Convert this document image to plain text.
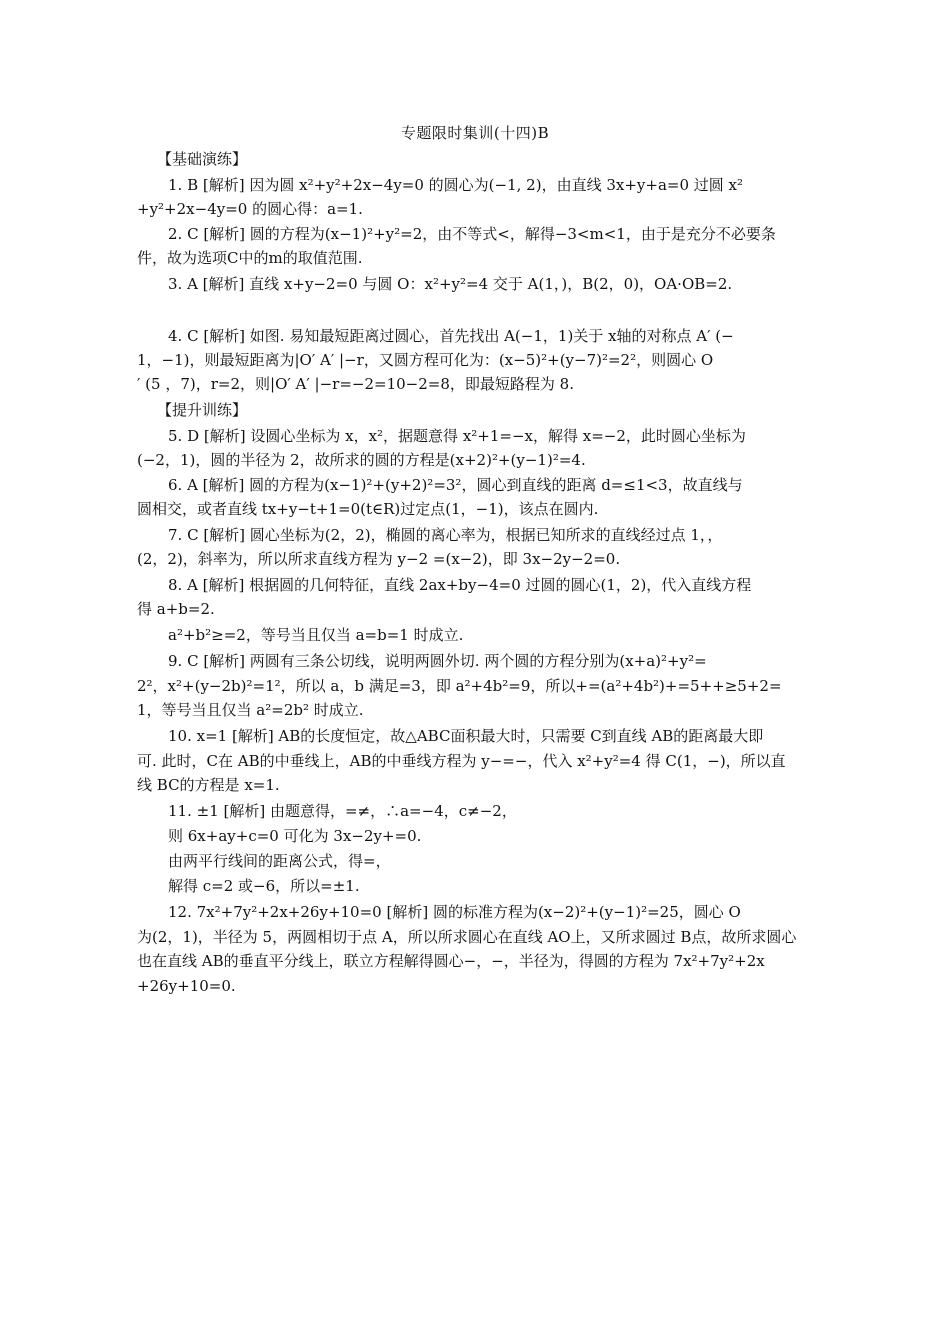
专题限时集训(十四)B
【基础演练】
1. B [解析] 因为圆 x²+y²+2x−4y=0 的圆心为(−1, 2)，由直线 3x+y+a=0 过圆 x²
+y²+2x−4y=0 的圆心得：a=1.
2. C [解析] 圆的方程为(x−1)²+y²=2，由不等式<，解得−3<m<1，由于是充分不必要条
件，故为选项C中的m的取值范围.
3. A [解析] 直线 x+y−2=0 与圆 O：x²+y²=4 交于 A(1，)，B(2，0)，OA·OB=2.
4. C [解析] 如图. 易知最短距离过圆心，首先找出 A(−1，1)关于 x轴的对称点 A′ (−
1，−1)，则最短距离为|O′ A′ |−r，又圆方程可化为：(x−5)²+(y−7)²=2²，则圆心 O
′ (5 ，7)，r=2，则|O′ A′ |−r=−2=10−2=8，即最短路程为 8.
【提升训练】
5. D [解析] 设圆心坐标为 x，x²，据题意得 x²+1=−x，解得 x=−2，此时圆心坐标为
(−2，1)，圆的半径为 2，故所求的圆的方程是(x+2)²+(y−1)²=4.
6. A [解析] 圆的方程为(x−1)²+(y+2)²=3²，圆心到直线的距离 d=≤1<3，故直线与
圆相交，或者直线 tx+y−t+1=0(t∈R)过定点(1，−1)，该点在圆内.
7. C [解析] 圆心坐标为(2，2)，椭圆的离心率为，根据已知所求的直线经过点 1，，
(2，2)，斜率为，所以所求直线方程为 y−2 =(x−2)，即 3x−2y−2=0.
8. A [解析] 根据圆的几何特征，直线 2ax+by−4=0 过圆的圆心(1，2)，代入直线方程
得 a+b=2.
a²+b²≥=2，等号当且仅当 a=b=1 时成立.
9. C [解析] 两圆有三条公切线，说明两圆外切. 两个圆的方程分别为(x+a)²+y²=
2²，x²+(y−2b)²=1²，所以 a，b 满足=3，即 a²+4b²=9，所以+=(a²+4b²)+=5++≥5+2=
1，等号当且仅当 a²=2b² 时成立.
10. x=1 [解析] AB的长度恒定，故△ABC面积最大时，只需要 C到直线 AB的距离最大即
可. 此时，C在 AB的中垂线上，AB的中垂线方程为 y−=−，代入 x²+y²=4 得 C(1，−)，所以直
线 BC的方程是 x=1.
11. ±1 [解析] 由题意得，=≠，∴a=−4，c≠−2，
则 6x+ay+c=0 可化为 3x−2y+=0.
由两平行线间的距离公式，得=，
解得 c=2 或−6，所以=±1.
12. 7x²+7y²+2x+26y+10=0 [解析] 圆的标准方程为(x−2)²+(y−1)²=25，圆心 O
为(2，1)，半径为 5，两圆相切于点 A，所以所求圆心在直线 AO上，又所求圆过 B点，故所求圆心
也在直线 AB的垂直平分线上，联立方程解得圆心−，−，半径为，得圆的方程为 7x²+7y²+2x
+26y+10=0.
